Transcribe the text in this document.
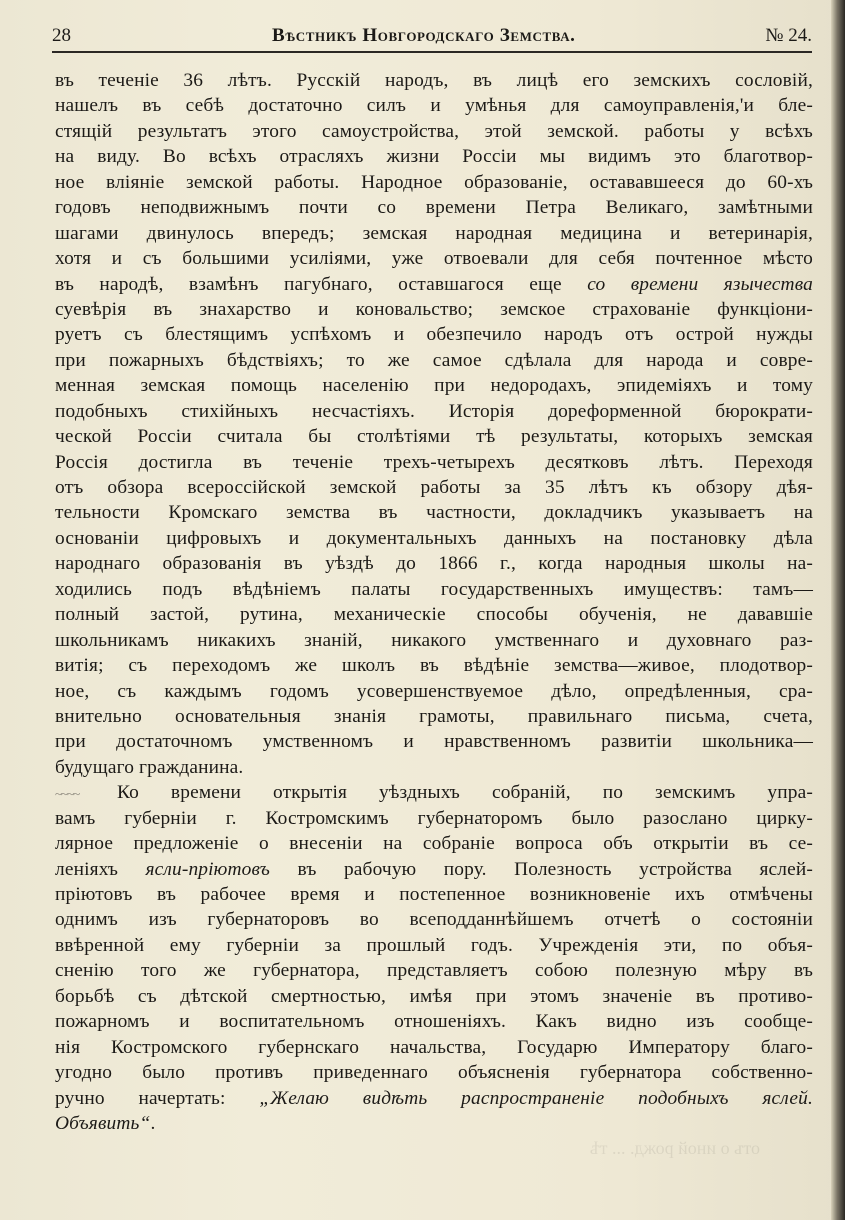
28	Вѣстникъ Новгородскаго Земства.	№ 24.
въ теченіе 36 лѣтъ. Русскій народъ, въ лицѣ его земскихъ сословій,
нашелъ въ себѣ достаточно силъ и умѣнья для самоуправленія,'и бле-
стящій результатъ этого самоустройства, этой земской. работы у всѣхъ
на виду. Во всѣхъ отрасляхъ жизни Россіи мы видимъ это благотвор-
ное вліяніе земской работы. Народное образованіе, остававшееся до 60-хъ
годовъ неподвижнымъ почти со времени Петра Великаго, замѣтными
шагами двинулось впередъ; земская народная медицина и ветеринарія,
хотя и съ большими усиліями, уже отвоевали для себя почтенное мѣсто
въ народѣ, взамѣнъ пагубнаго, оставшагося еще со времени язычества
суевѣрія въ знахарство и коновальство; земское страхованіе функціони-
руетъ съ блестящимъ успѣхомъ и обезпечило народъ отъ острой нужды
при пожарныхъ бѣдствіяхъ; то же самое сдѣлала для народа и совре-
менная земская помощь населенію при недородахъ, эпидеміяхъ и тому
подобныхъ стихійныхъ несчастіяхъ. Исторія дореформенной бюрократи-
ческой Россіи считала бы столѣтіями тѣ результаты, которыхъ земская
Россія достигла въ теченіе трехъ-четырехъ десятковъ лѣтъ. Переходя
отъ обзора всероссійской земской работы за 35 лѣтъ къ обзору дѣя-
тельности Кромскаго земства въ частности, докладчикъ указываетъ на
основаніи цифровыхъ и документальныхъ данныхъ на постановку дѣла
народнаго образованія въ уѣздѣ до 1866 г., когда народныя школы на-
ходились подъ вѣдѣніемъ палаты государственныхъ имуществъ: тамъ—
полный застой, рутина, механическіе способы обученія, не дававшіе
школьникамъ никакихъ знаній, никакого умственнаго и духовнаго раз-
витія; съ переходомъ же школъ въ вѣдѣніе земства—живое, плодотвор-
ное, съ каждымъ годомъ усовершенствуемое дѣло, опредѣленныя, сра-
внительно основательныя знанія грамоты, правильнаго письма, счета,
при достаточномъ умственномъ и нравственномъ развитіи школьника—
будущаго гражданина.
~~~~ Ко времени открытія уѣздныхъ собраній, по земскимъ упра-
вамъ губерніи г. Костромскимъ губернаторомъ было разослано цирку-
лярное предложеніе о внесеніи на собраніе вопроса объ открытіи въ се-
леніяхъ ясли-пріютовъ въ рабочую пору. Полезность устройства яслей-
пріютовъ въ рабочее время и постепенное возникновеніе ихъ отмѣчены
однимъ изъ губернаторовъ во всеподданнѣйшемъ отчетѣ о состояніи
ввѣренной ему губерніи за прошлый годъ. Учрежденія эти, по объя-
сненію того же губернатора, представляетъ собою полезную мѣру въ
борьбѣ съ дѣтской смертностью, имѣя при этомъ значеніе въ противо-
пожарномъ и воспитательномъ отношеніяхъ. Какъ видно изъ сообще-
нія Костромского губернскаго начальства, Государю Императору благо-
угодно было противъ приведеннаго объясненія губернатора собственно-
ручно начертать: „Желаю видѣть распространеніе подобныхъ яслей.
Объявить“.
отъ о иной рожд. ... тѣ
